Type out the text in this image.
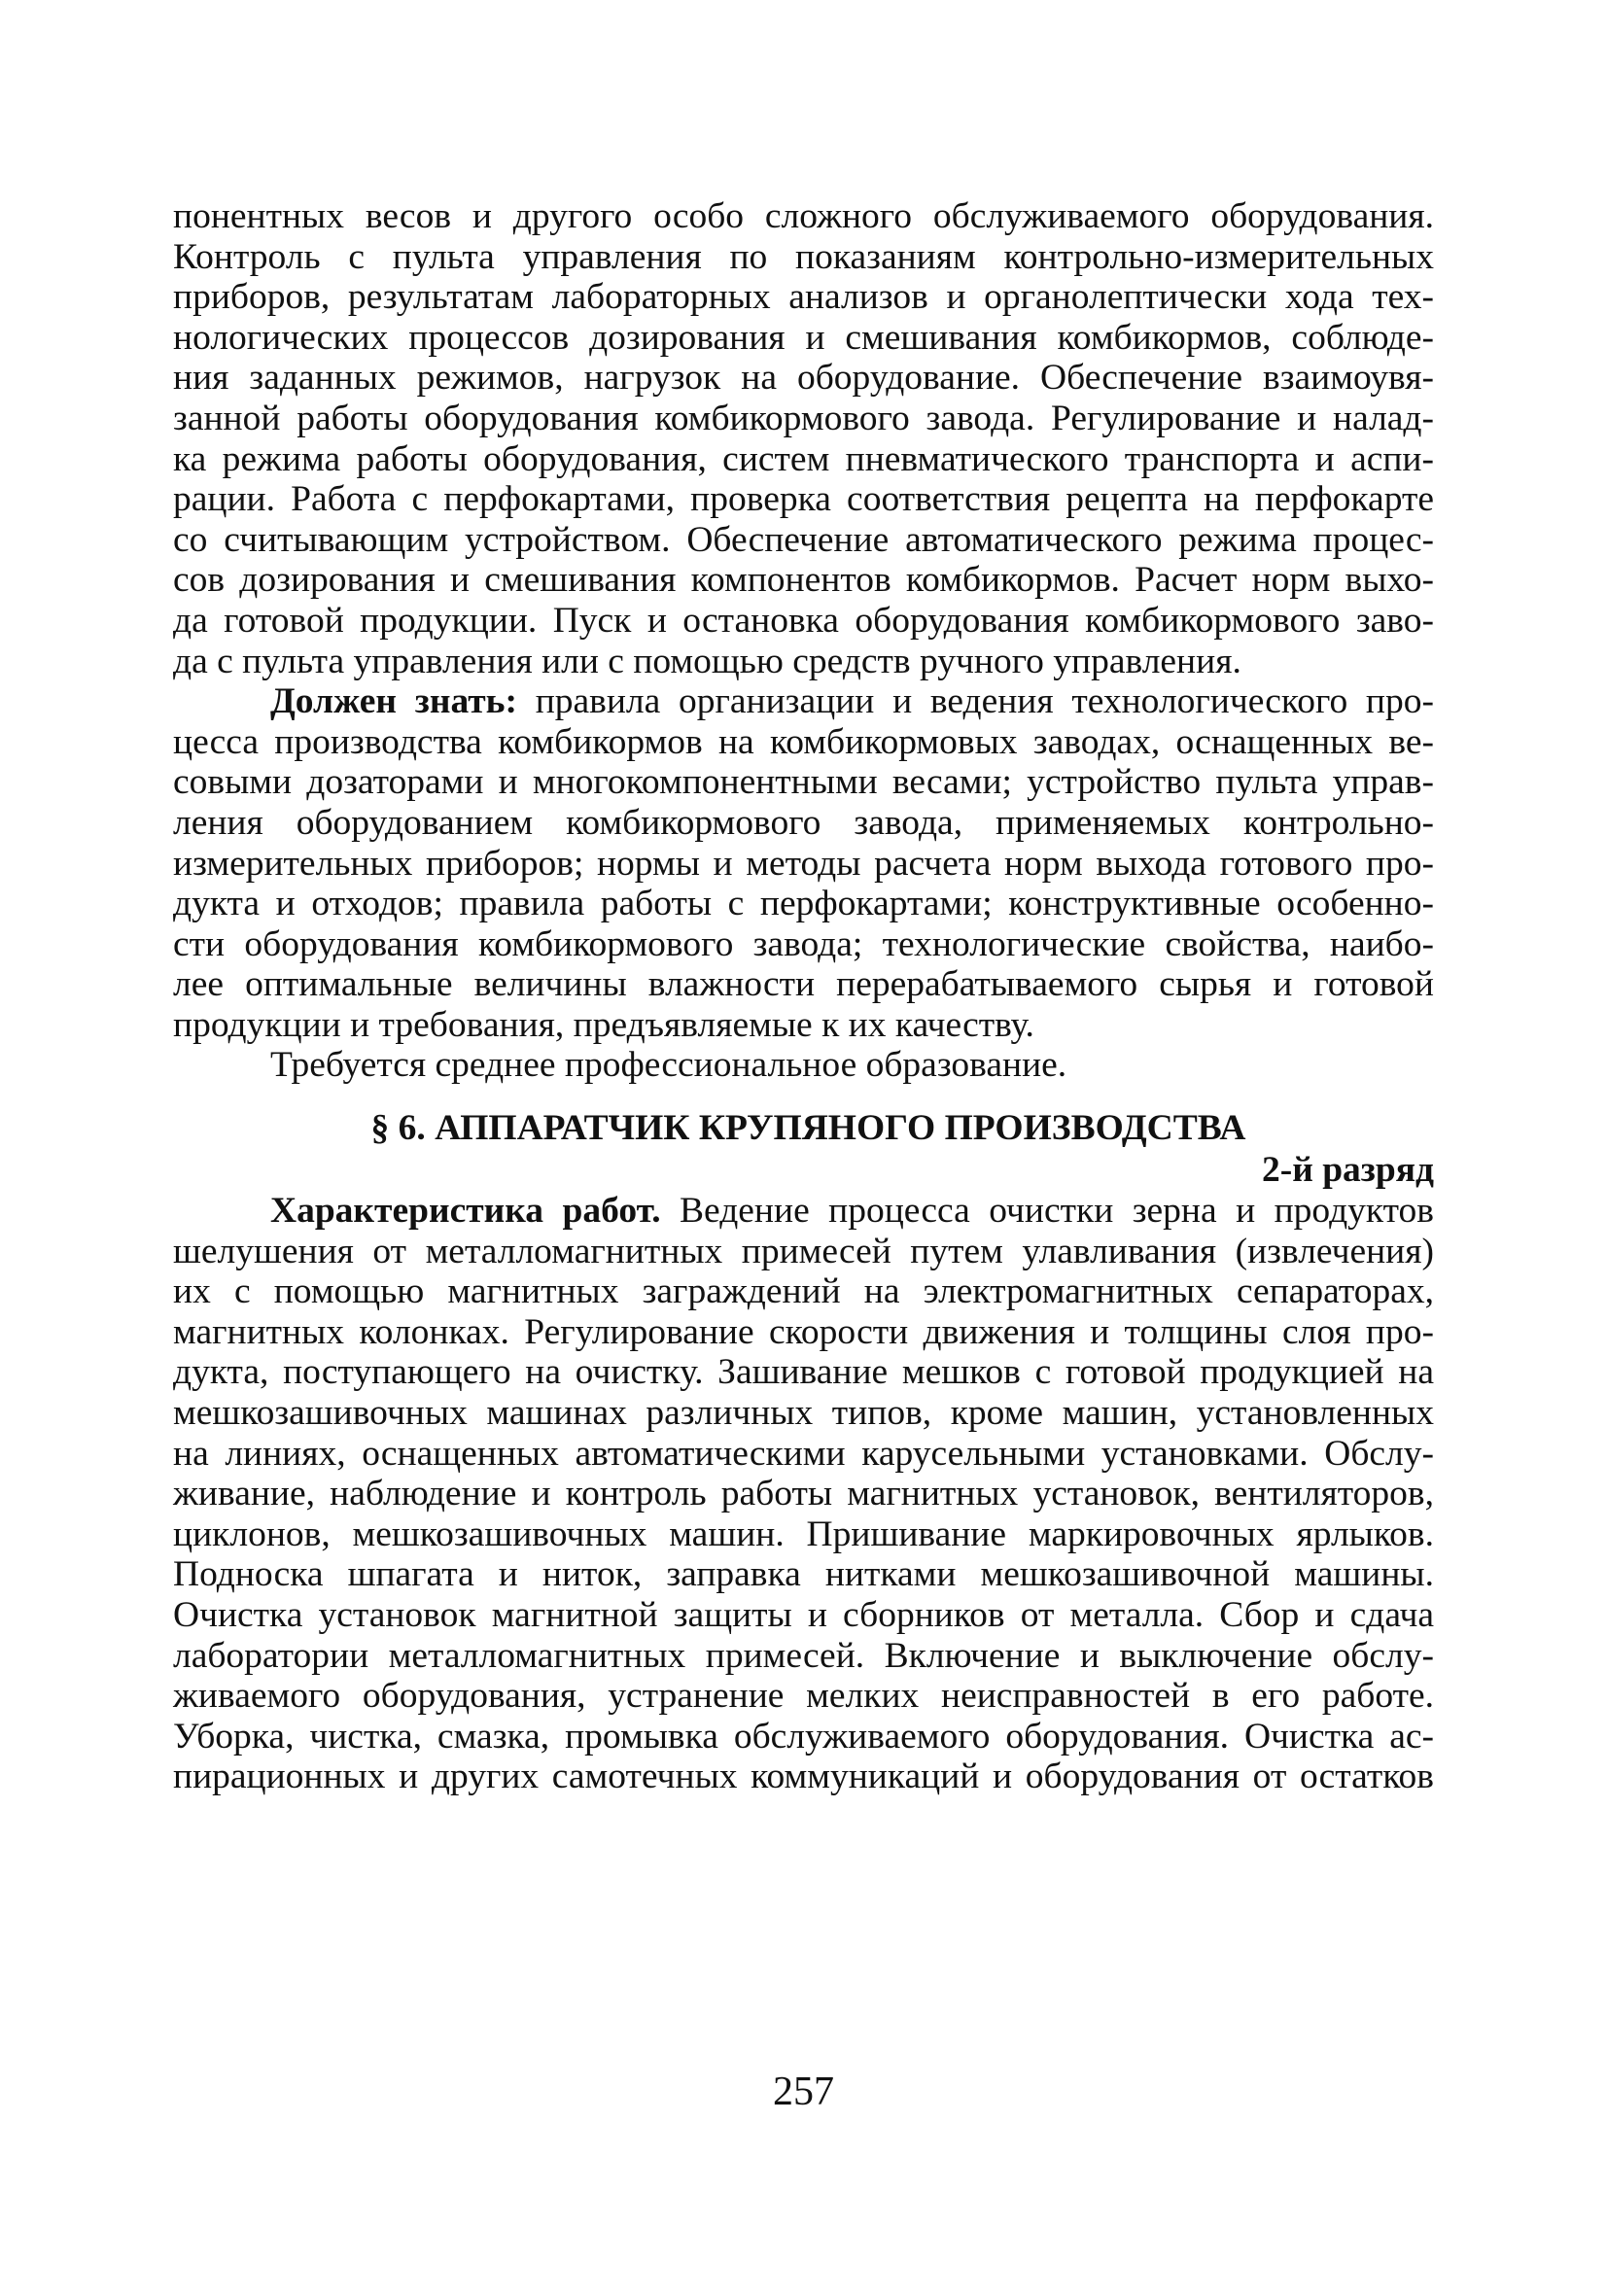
понентных весов и другого особо сложного обслуживаемого оборудования.
Контроль с пульта управления по показаниям контрольно-измерительных
приборов, результатам лабораторных анализов и органолептически хода тех-
нологических процессов дозирования и смешивания комбикормов, соблюде-
ния заданных режимов, нагрузок на оборудование. Обеспечение взаимоувя-
занной работы оборудования комбикормового завода. Регулирование и налад-
ка режима работы оборудования, систем пневматического транспорта и аспи-
рации. Работа с перфокартами, проверка соответствия рецепта на перфокарте
со считывающим устройством. Обеспечение автоматического режима процес-
сов дозирования и смешивания компонентов комбикормов. Расчет норм выхо-
да готовой продукции. Пуск и остановка оборудования комбикормового заво-
да с пульта управления или с помощью средств ручного управления.
Должен знать: правила организации и ведения технологического про-
цесса производства комбикормов на комбикормовых заводах, оснащенных ве-
совыми дозаторами и многокомпонентными весами; устройство пульта управ-
ления оборудованием комбикормового завода, применяемых контрольно-
измерительных приборов; нормы и методы расчета норм выхода готового про-
дукта и отходов; правила работы с перфокартами; конструктивные особенно-
сти оборудования комбикормового завода; технологические свойства, наибо-
лее оптимальные величины влажности перерабатываемого сырья и готовой
продукции и требования, предъявляемые к их качеству.
Требуется среднее профессиональное образование.
§ 6. АППАРАТЧИК КРУПЯНОГО ПРОИЗВОДСТВА
2-й разряд
Характеристика работ. Ведение процесса очистки зерна и продуктов
шелушения от металломагнитных примесей путем улавливания (извлечения)
их с помощью магнитных заграждений на электромагнитных сепараторах,
магнитных колонках. Регулирование скорости движения и толщины слоя про-
дукта, поступающего на очистку. Зашивание мешков с готовой продукцией на
мешкозашивочных машинах различных типов, кроме машин, установленных
на линиях, оснащенных автоматическими карусельными установками. Обслу-
живание, наблюдение и контроль работы магнитных установок, вентиляторов,
циклонов, мешкозашивочных машин. Пришивание маркировочных ярлыков.
Подноска шпагата и ниток, заправка нитками мешкозашивочной машины.
Очистка установок магнитной защиты и сборников от металла. Сбор и сдача
лаборатории металломагнитных примесей. Включение и выключение обслу-
живаемого оборудования, устранение мелких неисправностей в его работе.
Уборка, чистка, смазка, промывка обслуживаемого оборудования. Очистка ас-
пирационных и других самотечных коммуникаций и оборудования от остатков
257
